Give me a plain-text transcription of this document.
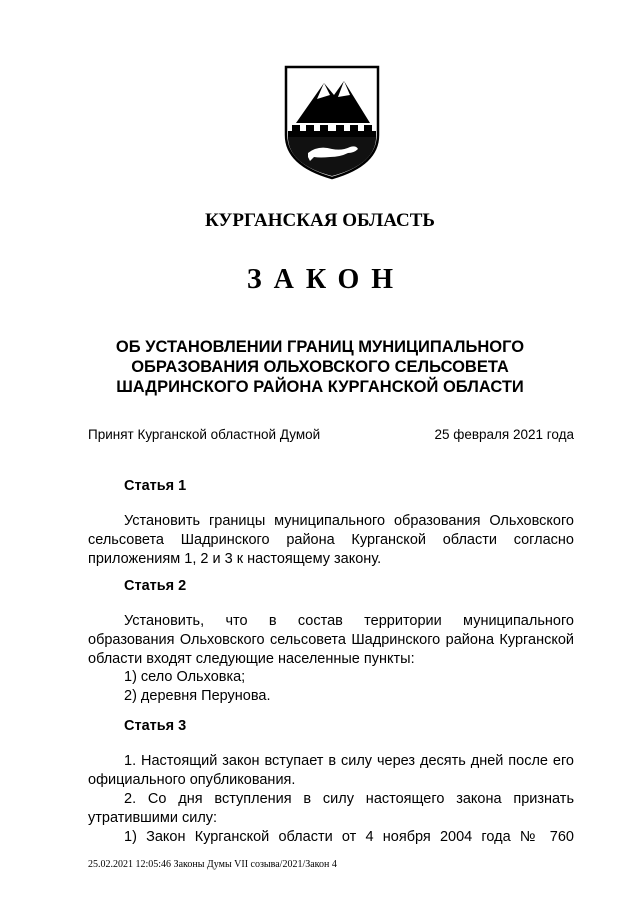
КУРГАНСКАЯ ОБЛАСТЬ
ЗАКОН
ОБ УСТАНОВЛЕНИИ ГРАНИЦ МУНИЦИПАЛЬНОГО
ОБРАЗОВАНИЯ ОЛЬХОВСКОГО СЕЛЬСОВЕТА
ШАДРИНСКОГО РАЙОНА КУРГАНСКОЙ ОБЛАСТИ
Принят Курганской областной Думой	25 февраля 2021 года
Статья 1
Установить границы муниципального образования Ольховского сельсовета Шадринского района Курганской области согласно приложениям 1, 2 и 3 к настоящему закону.
Статья 2
Установить, что в состав территории муниципального образования Ольховского сельсовета Шадринского района Курганской области входят следующие населенные пункты:
1) село Ольховка;
2) деревня Перунова.
Статья 3
1. Настоящий закон вступает в силу через десять дней после его официального опубликования.
2. Со дня вступления в силу настоящего закона признать утратившими силу:
1) Закон Курганской области от 4 ноября 2004 года № 760
25.02.2021 12:05:46 Законы Думы VII созыва/2021/Закон 4
